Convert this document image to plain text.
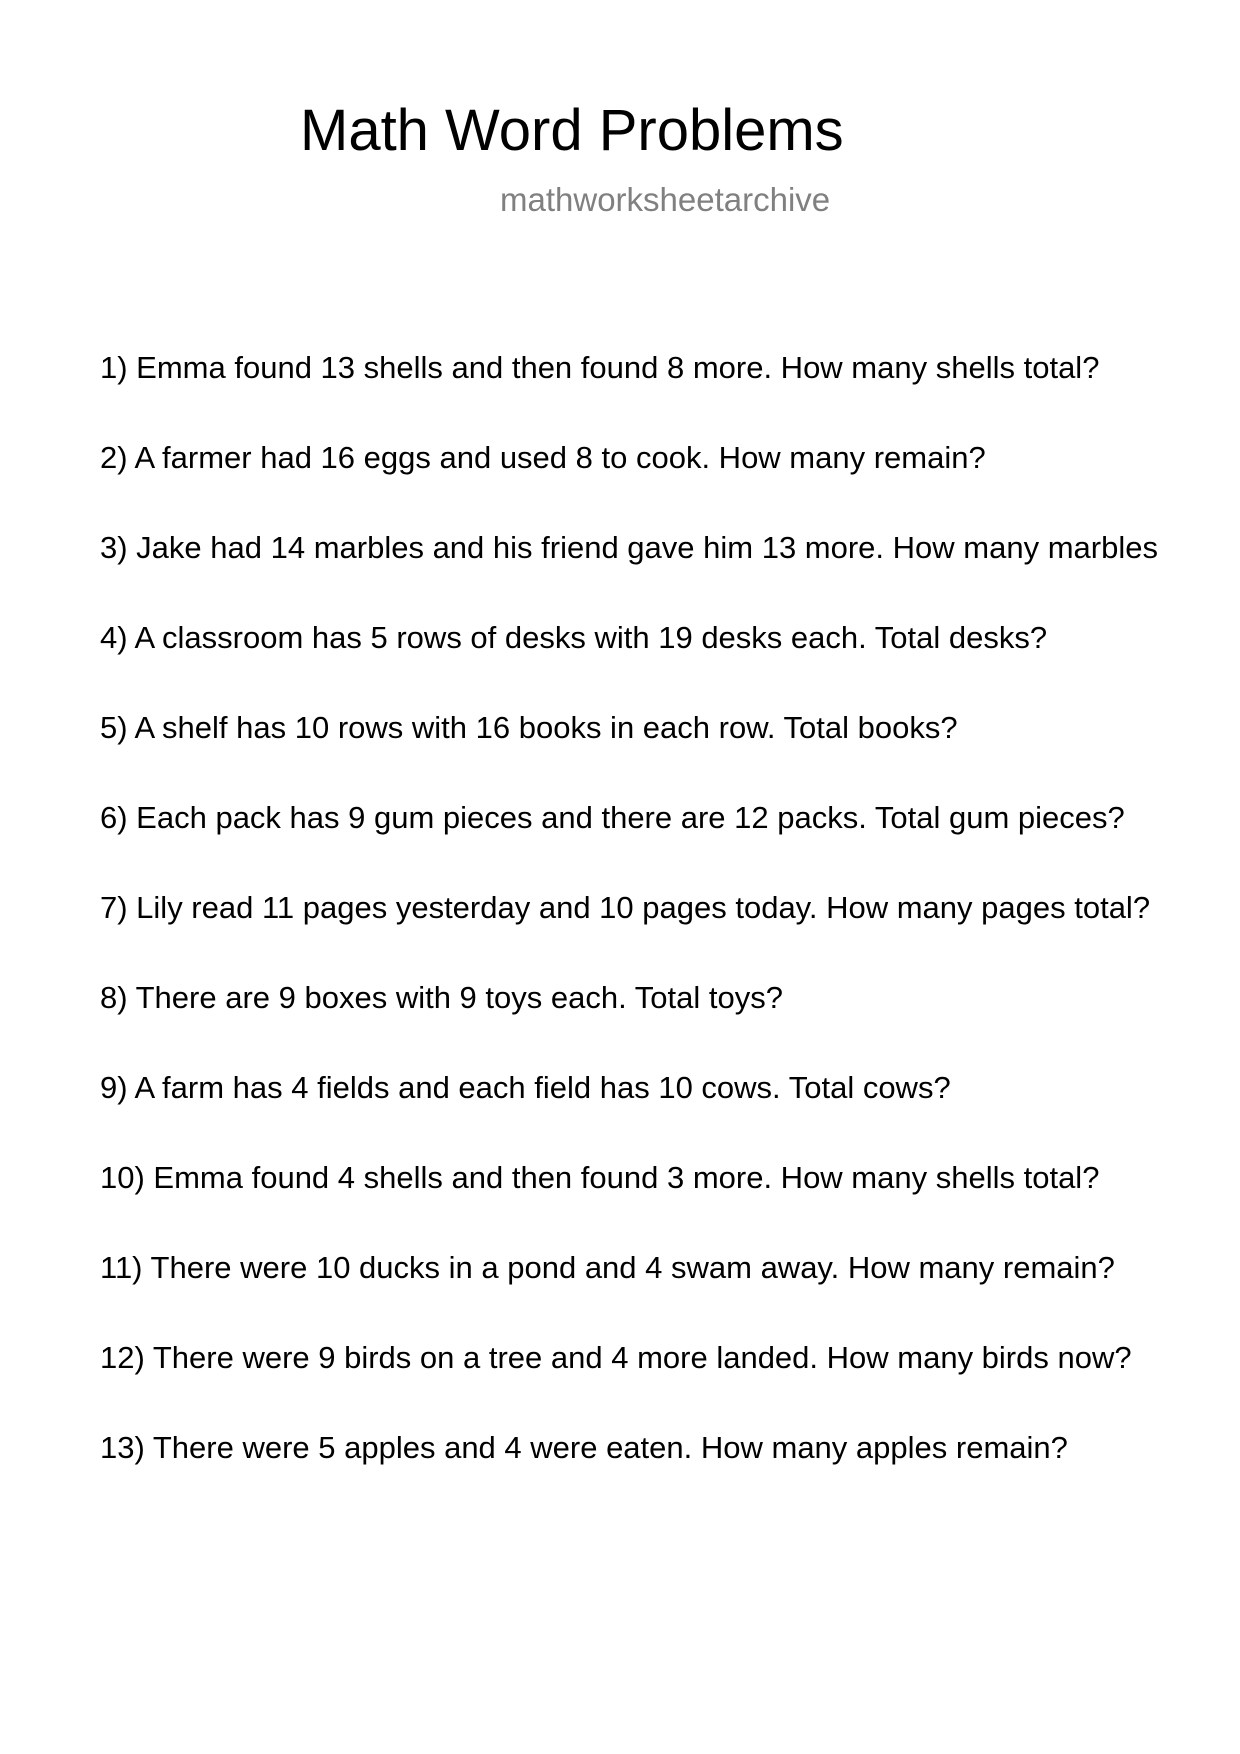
Math Word Problems
mathworksheetarchive
1) Emma found 13 shells and then found 8 more. How many shells total?
2) A farmer had 16 eggs and used 8 to cook. How many remain?
3) Jake had 14 marbles and his friend gave him 13 more. How many marbles
4) A classroom has 5 rows of desks with 19 desks each. Total desks?
5) A shelf has 10 rows with 16 books in each row. Total books?
6) Each pack has 9 gum pieces and there are 12 packs. Total gum pieces?
7) Lily read 11 pages yesterday and 10 pages today. How many pages total?
8) There are 9 boxes with 9 toys each. Total toys?
9) A farm has 4 fields and each field has 10 cows. Total cows?
10) Emma found 4 shells and then found 3 more. How many shells total?
11) There were 10 ducks in a pond and 4 swam away. How many remain?
12) There were 9 birds on a tree and 4 more landed. How many birds now?
13) There were 5 apples and 4 were eaten. How many apples remain?
